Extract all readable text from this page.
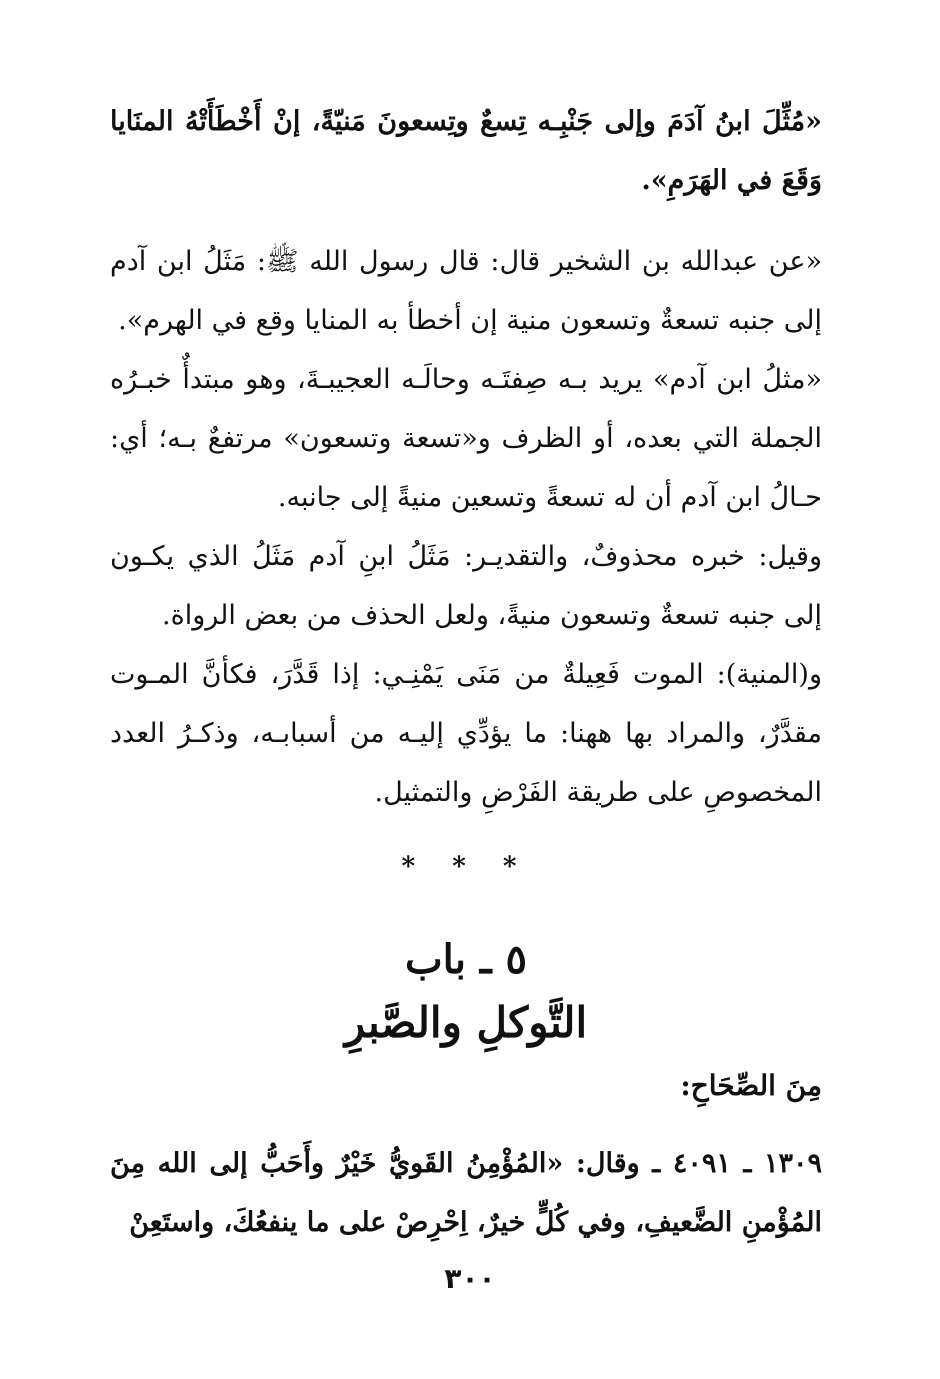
«مُثِّلَ ابنُ آدَمَ وإلى جَنْبِـه تِسعٌ وتِسعونَ مَنيّةً، إنْ أَخْطَأَتْهُ المنَايا وَقَعَ في الهَرَمِ».

«عن عبدالله بن الشخير قال: قال رسول الله ﷺ: مَثَلُ ابن آدم إلى جنبه تسعةٌ وتسعون منية إن أخطأ به المنايا وقع في الهرم».

«مثلُ ابن آدم» يريد بـه صِفتَـه وحالَـه العجيبـةَ، وهو مبتدأٌ خبـرُه الجملة التي بعده، أو الظرف و«تسعة وتسعون» مرتفعٌ بـه؛ أي: حـالُ ابن آدم أن له تسعةً وتسعين منيةً إلى جانبه.

وقيل: خبره محذوفٌ، والتقديـر: مَثَلُ ابنِ آدم مَثَلُ الذي يكـون إلى جنبه تسعةٌ وتسعون منيةً، ولعل الحذف من بعض الرواة.

و(المنية): الموت فَعِيلةٌ من مَنَى يَمْنِـي: إذا قَدَّرَ، فكأنَّ المـوت مقدَّرٌ، والمراد بها ههنا: ما يؤدِّي إليـه من أسبابـه، وذكـرُ العدد المخصوصِ على طريقة الفَرْضِ والتمثيل.

* * *
٥ ـ باب
التَّوكلِ والصَّبرِ
مِنَ الصِّحَاحِ:

١٣٠٩ ـ ٤٠٩١ ـ وقال: «المُؤْمِنُ القَويُّ خَيْرٌ وأَحَبُّ إلى الله مِنَ المُؤْمنِ الضَّعيفِ، وفي كُلٍّ خيرٌ، اِحْرِصْ على ما ينفعُكَ، واستَعِنْ

٣٠٠
